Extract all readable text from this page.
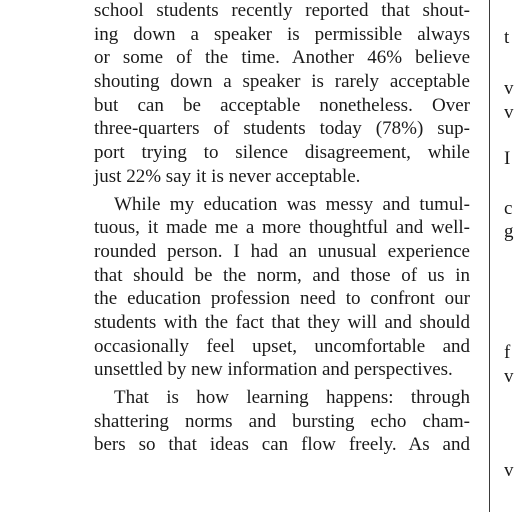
school students recently reported that shout-
ing down a speaker is permissible always
or some of the time. Another 46% believe
shouting down a speaker is rarely acceptable
but can be acceptable nonetheless. Over
three-quarters of students today (78%) sup-
port trying to silence disagreement, while
just 22% say it is never acceptable.
While my education was messy and tumul-
tuous, it made me a more thoughtful and well-
rounded person. I had an unusual experience
that should be the norm, and those of us in
the education profession need to confront our
students with the fact that they will and should
occasionally feel upset, uncomfortable and
unsettled by new information and perspectives.
That is how learning happens: through
shattering norms and bursting echo cham-
bers so that ideas can flow freely. As and
t
v
v
I
c
g
f
v
v
